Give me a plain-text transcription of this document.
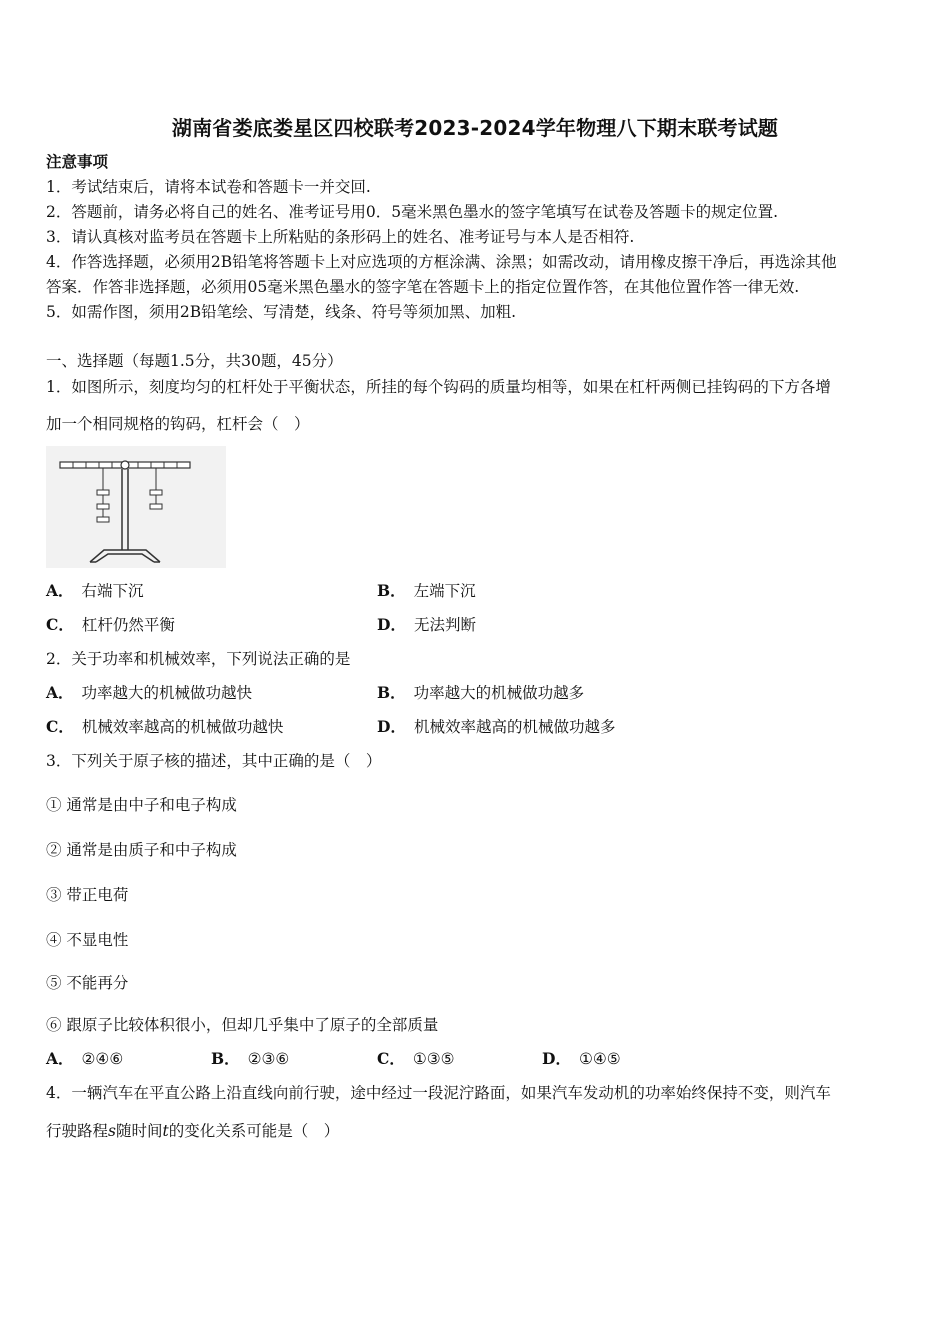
湖南省娄底娄星区四校联考2023-2024学年物理八下期末联考试题
注意事项
1．考试结束后，请将本试卷和答题卡一并交回.
2．答题前，请务必将自己的姓名、准考证号用0．5毫米黑色墨水的签字笔填写在试卷及答题卡的规定位置.
3．请认真核对监考员在答题卡上所粘贴的条形码上的姓名、准考证号与本人是否相符.
4．作答选择题，必须用2B铅笔将答题卡上对应选项的方框涂满、涂黑；如需改动，请用橡皮擦干净后，再选涂其他
答案．作答非选择题，必须用05毫米黑色墨水的签字笔在答题卡上的指定位置作答，在其他位置作答一律无效.
5．如需作图，须用2B铅笔绘、写清楚，线条、符号等须加黑、加粗.
一、选择题（每题1.5分，共30题，45分）
1．如图所示，刻度均匀的杠杆处于平衡状态，所挂的每个钩码的质量均相等，如果在杠杆两侧已挂钩码的下方各增
加一个相同规格的钩码，杠杆会（　）
A． 右端下沉	B． 左端下沉
C． 杠杆仍然平衡	D． 无法判断
2．关于功率和机械效率，下列说法正确的是
A． 功率越大的机械做功越快	B． 功率越大的机械做功越多
C． 机械效率越高的机械做功越快	D． 机械效率越高的机械做功越多
3．下列关于原子核的描述，其中正确的是（　）
① 通常是由中子和电子构成
② 通常是由质子和中子构成
③ 带正电荷
④ 不显电性
⑤ 不能再分
⑥ 跟原子比较体积很小，但却几乎集中了原子的全部质量
A． ②④⑥	B． ②③⑥	C． ①③⑤	D． ①④⑤
4．一辆汽车在平直公路上沿直线向前行驶，途中经过一段泥泞路面，如果汽车发动机的功率始终保持不变，则汽车
行驶路程s随时间t的变化关系可能是（　）
